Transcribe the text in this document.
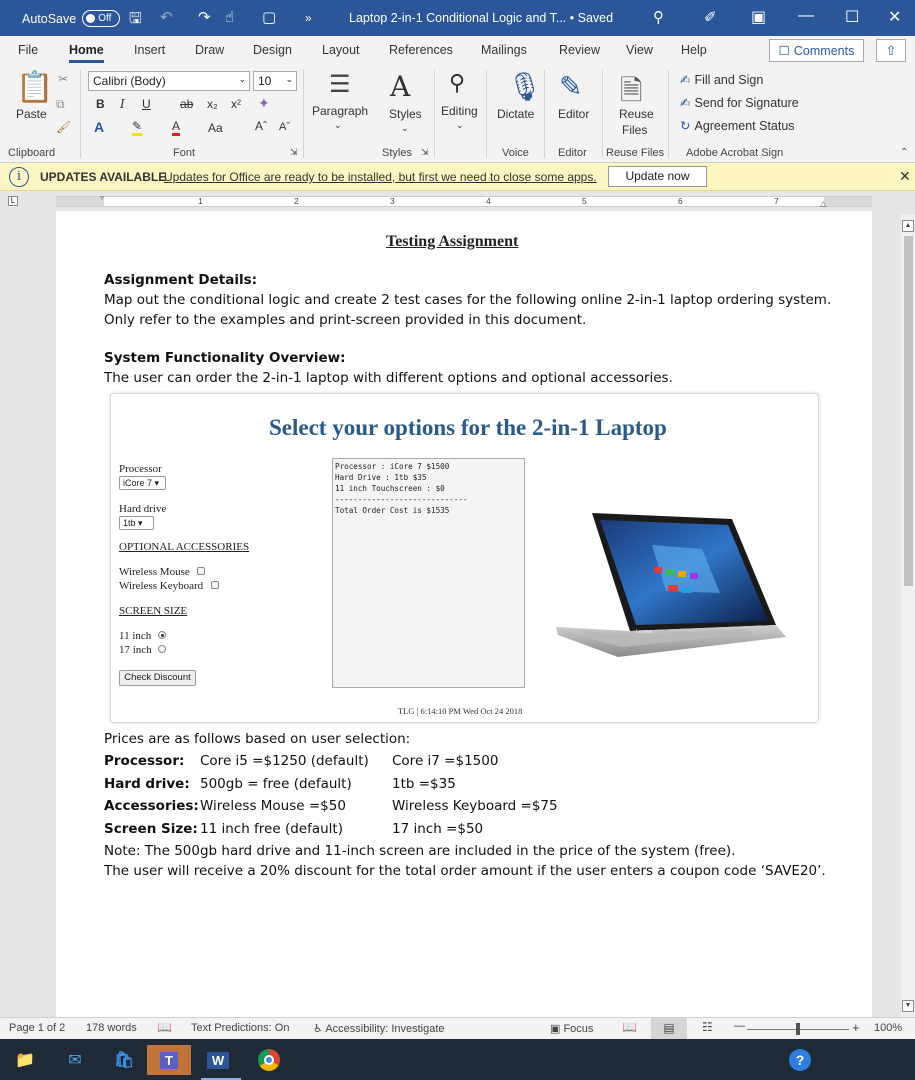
AutoSave Off 🖫 ↶ ↷ ☝ ▢ »	Laptop 2-in-1 Conditional Logic and T... • Saved	⚲	✐ ▣ — ☐ ✕
File Home Insert Draw Design Layout References Mailings	Review View Help	☐ Comments ⇧
📋
Paste
✂
⧉
🖌
Clipboard
Calibri (Body)	⌄	10 ⌄
B I U ab x₂ x² ✦
A ✎ A Aa	Aˆ Aˇ
Font	⇲
☰
Paragraph
⌄
A
Styles
⌄
Styles ⇲
⚲
Editing
⌄
🎙
Dictate
Voice
✎
Editor
Editor
🗎
Reuse
Files
Reuse Files
✍ Fill and Sign
✍ Send for Signature
↻ Agreement Status
Adobe Acrobat Sign	⌃
i	UPDATES AVAILABLE
Updates for Office are ready to be installed, but first we need to close some apps.	Update now	✕
L	1	2	3	4	5	6	7
▿
△
▲
▼
Testing Assignment
Assignment Details:
Map out the conditional logic and create 2 test cases for the following online 2-in-1 laptop ordering system.
Only refer to the examples and print-screen provided in this document.
System Functionality Overview:
The user can order the 2-in-1 laptop with different options and optional accessories.
Select your options for the 2-in-1 Laptop
Processor
iCore 7 ▾
Hard drive
1tb ▾
OPTIONAL ACCESSORIES
Wireless Mouse
Wireless Keyboard
SCREEN SIZE
11 inch
17 inch
Check Discount
Processor : iCore 7 $1500
Hard Drive : 1tb $35
11 inch Touchscreen : $0
-----------------------------
Total Order Cost is $1535
Lenovo
TLG | 6:14:10 PM Wed Oct 24 2018
Prices are as follows based on user selection:
Processor: Core i5 =$1250 (default) Core i7 =$1500
Hard drive: 500gb = free (default)	1tb =$35
Accessories: Wireless Mouse =$50	Wireless Keyboard =$75
Screen Size: 11 inch free (default)	17 inch =$50
Note: The 500gb hard drive and 11-inch screen are included in the price of the system (free).
The user will receive a 20% discount for the total order amount if the user enters a coupon code ‘SAVE20’.
Page 1 of 2 178 words 📖 Text Predictions: On ♿ Accessibility: Investigate	▣ Focus 📖	▤	☷ —	+ 100%
📁	✉	🛍	T	W	?
